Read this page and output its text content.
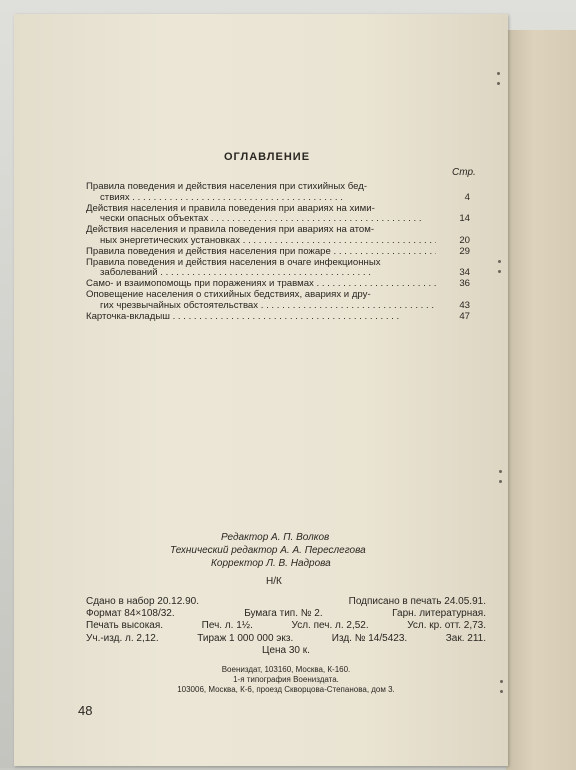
ОГЛАВЛЕНИЕ
Стр.
Правила поведения и действия населения при стихийных бед-
ствиях . . .	4
Действия населения и правила поведения при авариях на хими-
чески опасных объектах . . .	14
Действия населения и правила поведения при авариях на атом-
ных энергетических установках . . .	20
Правила поведения и действия населения при пожаре . . .	29
Правила поведения и действия населения в очаге инфекционных
заболеваний . . .	34
Само- и взаимопомощь при поражениях и травмах . . .	36
Оповещение населения о стихийных бедствиях, авариях и дру-
гих чрезвычайных обстоятельствах . . .	43
Карточка-вкладыш . . .	47
Редактор А. П. Волков
Технический редактор А. А. Переслегова
Корректор Л. В. Надрова
Н/К
Сдано в набор 20.12.90.	Подписано в печать 24.05.91.
Формат 84×108/32.	Бумага тип. № 2.	Гарн. литературная.
Печать высокая.	Печ. л. 1½.	Усл. печ. л. 2,52.	Усл. кр. отт. 2,73.
Уч.-изд. л. 2,12.	Тираж 1 000 000 экз.	Изд. № 14/5423.	Зак. 211.
Цена 30 к.
Воениздат, 103160, Москва, К-160.
1-я типография Воениздата.
103006, Москва, К-6, проезд Скворцова-Степанова, дом 3.
48
